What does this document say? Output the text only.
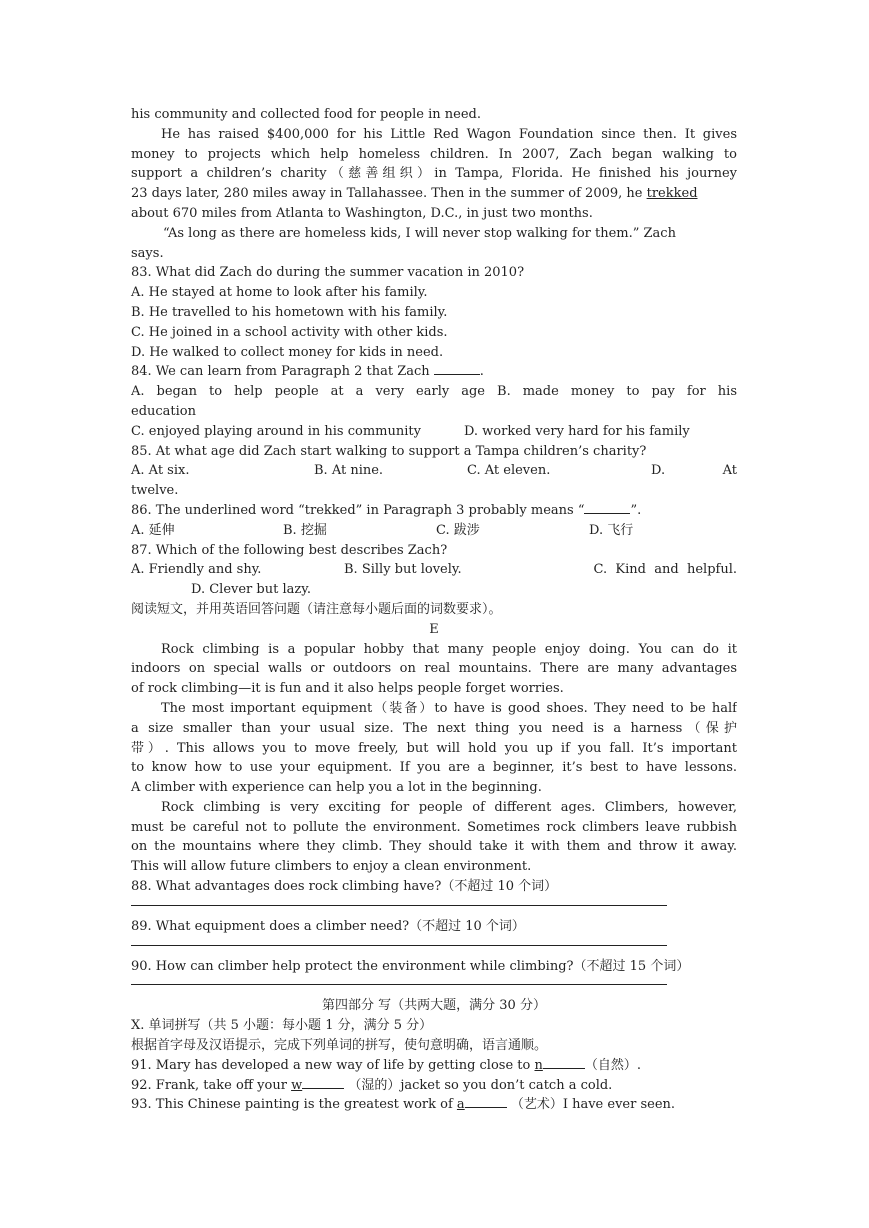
his community and collected food for people in need.
He has raised $400,000 for his Little Red Wagon Foundation since then. It gives
money to projects which help homeless children. In 2007, Zach began walking to
support a children’s charity（慈善组织）in Tampa, Florida. He finished his journey
23 days later, 280 miles away in Tallahassee. Then in the summer of 2009, he trekked
about 670 miles from Atlanta to Washington, D.C., in just two months.
“As long as there are homeless kids, I will never stop walking for them.” Zach
says.
83. What did Zach do during the summer vacation in 2010?
A. He stayed at home to look after his family.
B. He travelled to his hometown with his family.
C. He joined in a school activity with other kids.
D. He walked to collect money for kids in need.
84. We can learn from Paragraph 2 that Zach	.
A. began to help people at a very early age B. made money to pay for his
education
C. enjoyed playing around in his community	D. worked very hard for his family
85. At what age did Zach start walking to support a Tampa children’s charity?
A. At six.	B. At nine.	C. At eleven.	D.	At
twelve.
86. The underlined word “trekked” in Paragraph 3 probably means “	”.
A. 延伸	B. 挖掘	C. 跋涉	D. 飞行
87. Which of the following best describes Zach?
A. Friendly and shy.	B. Silly but lovely.	C.  Kind  and  helpful.
D. Clever but lazy.
阅读短文，并用英语回答问题（请注意每小题后面的词数要求）。
E
Rock climbing is a popular hobby that many people enjoy doing. You can do it
indoors on special walls or outdoors on real mountains. There are many advantages
of rock climbing—it is fun and it also helps people forget worries.
The most important equipment（装备）to have is good shoes. They need to be half
a size smaller than your usual size. The next thing you need is a harness（保护
带）. This allows you to move freely, but will hold you up if you fall. It’s important
to know how to use your equipment. If you are a beginner, it’s best to have lessons.
A climber with experience can help you a lot in the beginning.
Rock climbing is very exciting for people of different ages. Climbers, however,
must be careful not to pollute the environment. Sometimes rock climbers leave rubbish
on the mountains where they climb. They should take it with them and throw it away.
This will allow future climbers to enjoy a clean environment.
88. What advantages does rock climbing have?（不超过 10 个词）
89. What equipment does a climber need?（不超过 10 个词）
90. How can climber help protect the environment while climbing?（不超过 15 个词）
第四部分 写（共两大题，满分 30 分）
X. 单词拼写（共 5 小题：每小题 1 分，满分 5 分）
根据首字母及汉语提示，完成下列单词的拼写，使句意明确，语言通顺。
91. Mary has developed a new way of life by getting close to n	（自然）.
92. Frank, take off your w	（湿的）jacket so you don’t catch a cold.
93. This Chinese painting is the greatest work of a	（艺术）I have ever seen.
